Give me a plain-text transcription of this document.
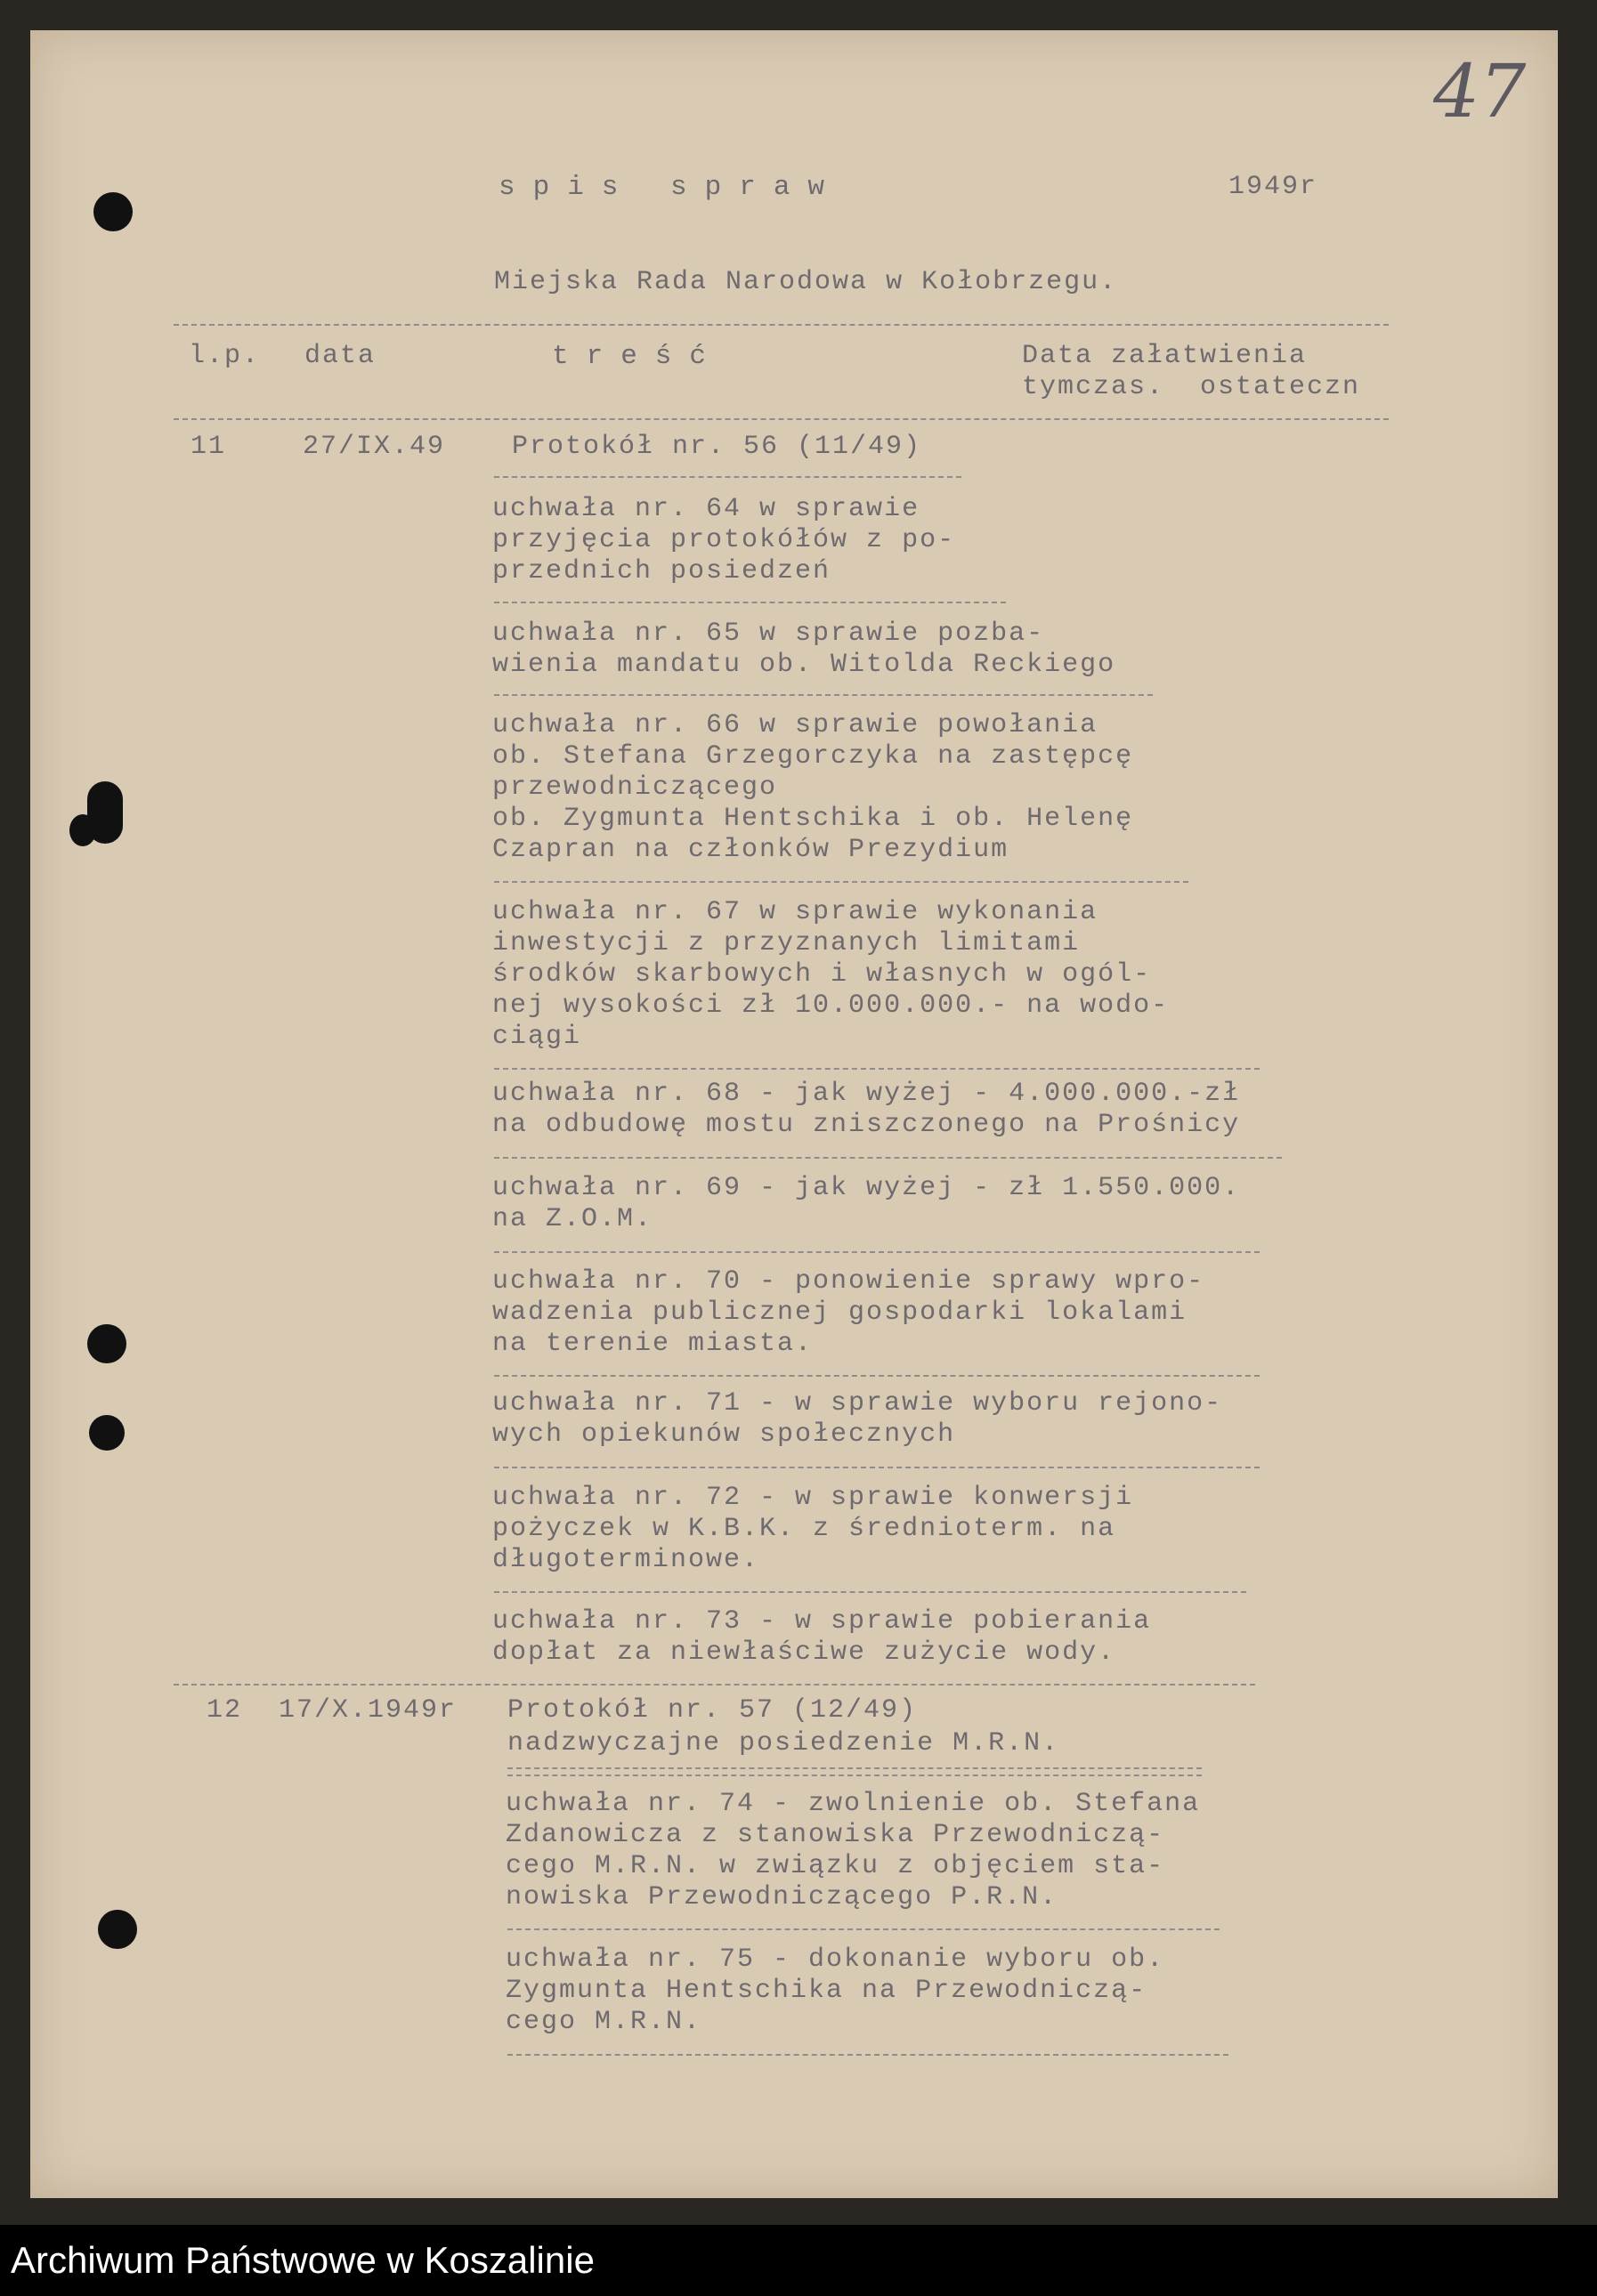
47
spis spraw	1949r
Miejska Rada Narodowa w Kołobrzegu.
l.p. data	treść	Data załatwienia
tymczas.  ostateczn
11	27/IX.49 Protokół nr. 56 (11/49)
uchwała nr. 64 w sprawie
przyjęcia protokółów z po-
przednich posiedzeń
uchwała nr. 65 w sprawie pozba-
wienia mandatu ob. Witolda Reckiego
uchwała nr. 66 w sprawie powołania
ob. Stefana Grzegorczyka na zastępcę
przewodniczącego
ob. Zygmunta Hentschika i ob. Helenę
Czapran na członków Prezydium
uchwała nr. 67 w sprawie wykonania
inwestycji z przyznanych limitami
środków skarbowych i własnych w ogól-
nej wysokości zł 10.000.000.- na wodo-
ciągi
uchwała nr. 68 - jak wyżej - 4.000.000.-zł
na odbudowę mostu zniszczonego na Prośnicy
uchwała nr. 69 - jak wyżej - zł 1.550.000.
na Z.O.M.
uchwała nr. 70 - ponowienie sprawy wpro-
wadzenia publicznej gospodarki lokalami
na terenie miasta.
uchwała nr. 71 - w sprawie wyboru rejono-
wych opiekunów społecznych
uchwała nr. 72 - w sprawie konwersji
pożyczek w K.B.K. z średnioterm. na
długoterminowe.
uchwała nr. 73 - w sprawie pobierania
dopłat za niewłaściwe zużycie wody.
12 17/X.1949r Protokół nr. 57 (12/49)
nadzwyczajne posiedzenie M.R.N.
uchwała nr. 74 - zwolnienie ob. Stefana
Zdanowicza z stanowiska Przewodniczą-
cego M.R.N. w związku z objęciem sta-
nowiska Przewodniczącego P.R.N.
uchwała nr. 75 - dokonanie wyboru ob.
Zygmunta Hentschika na Przewodniczą-
cego M.R.N.
Archiwum Państwowe w Koszalinie
